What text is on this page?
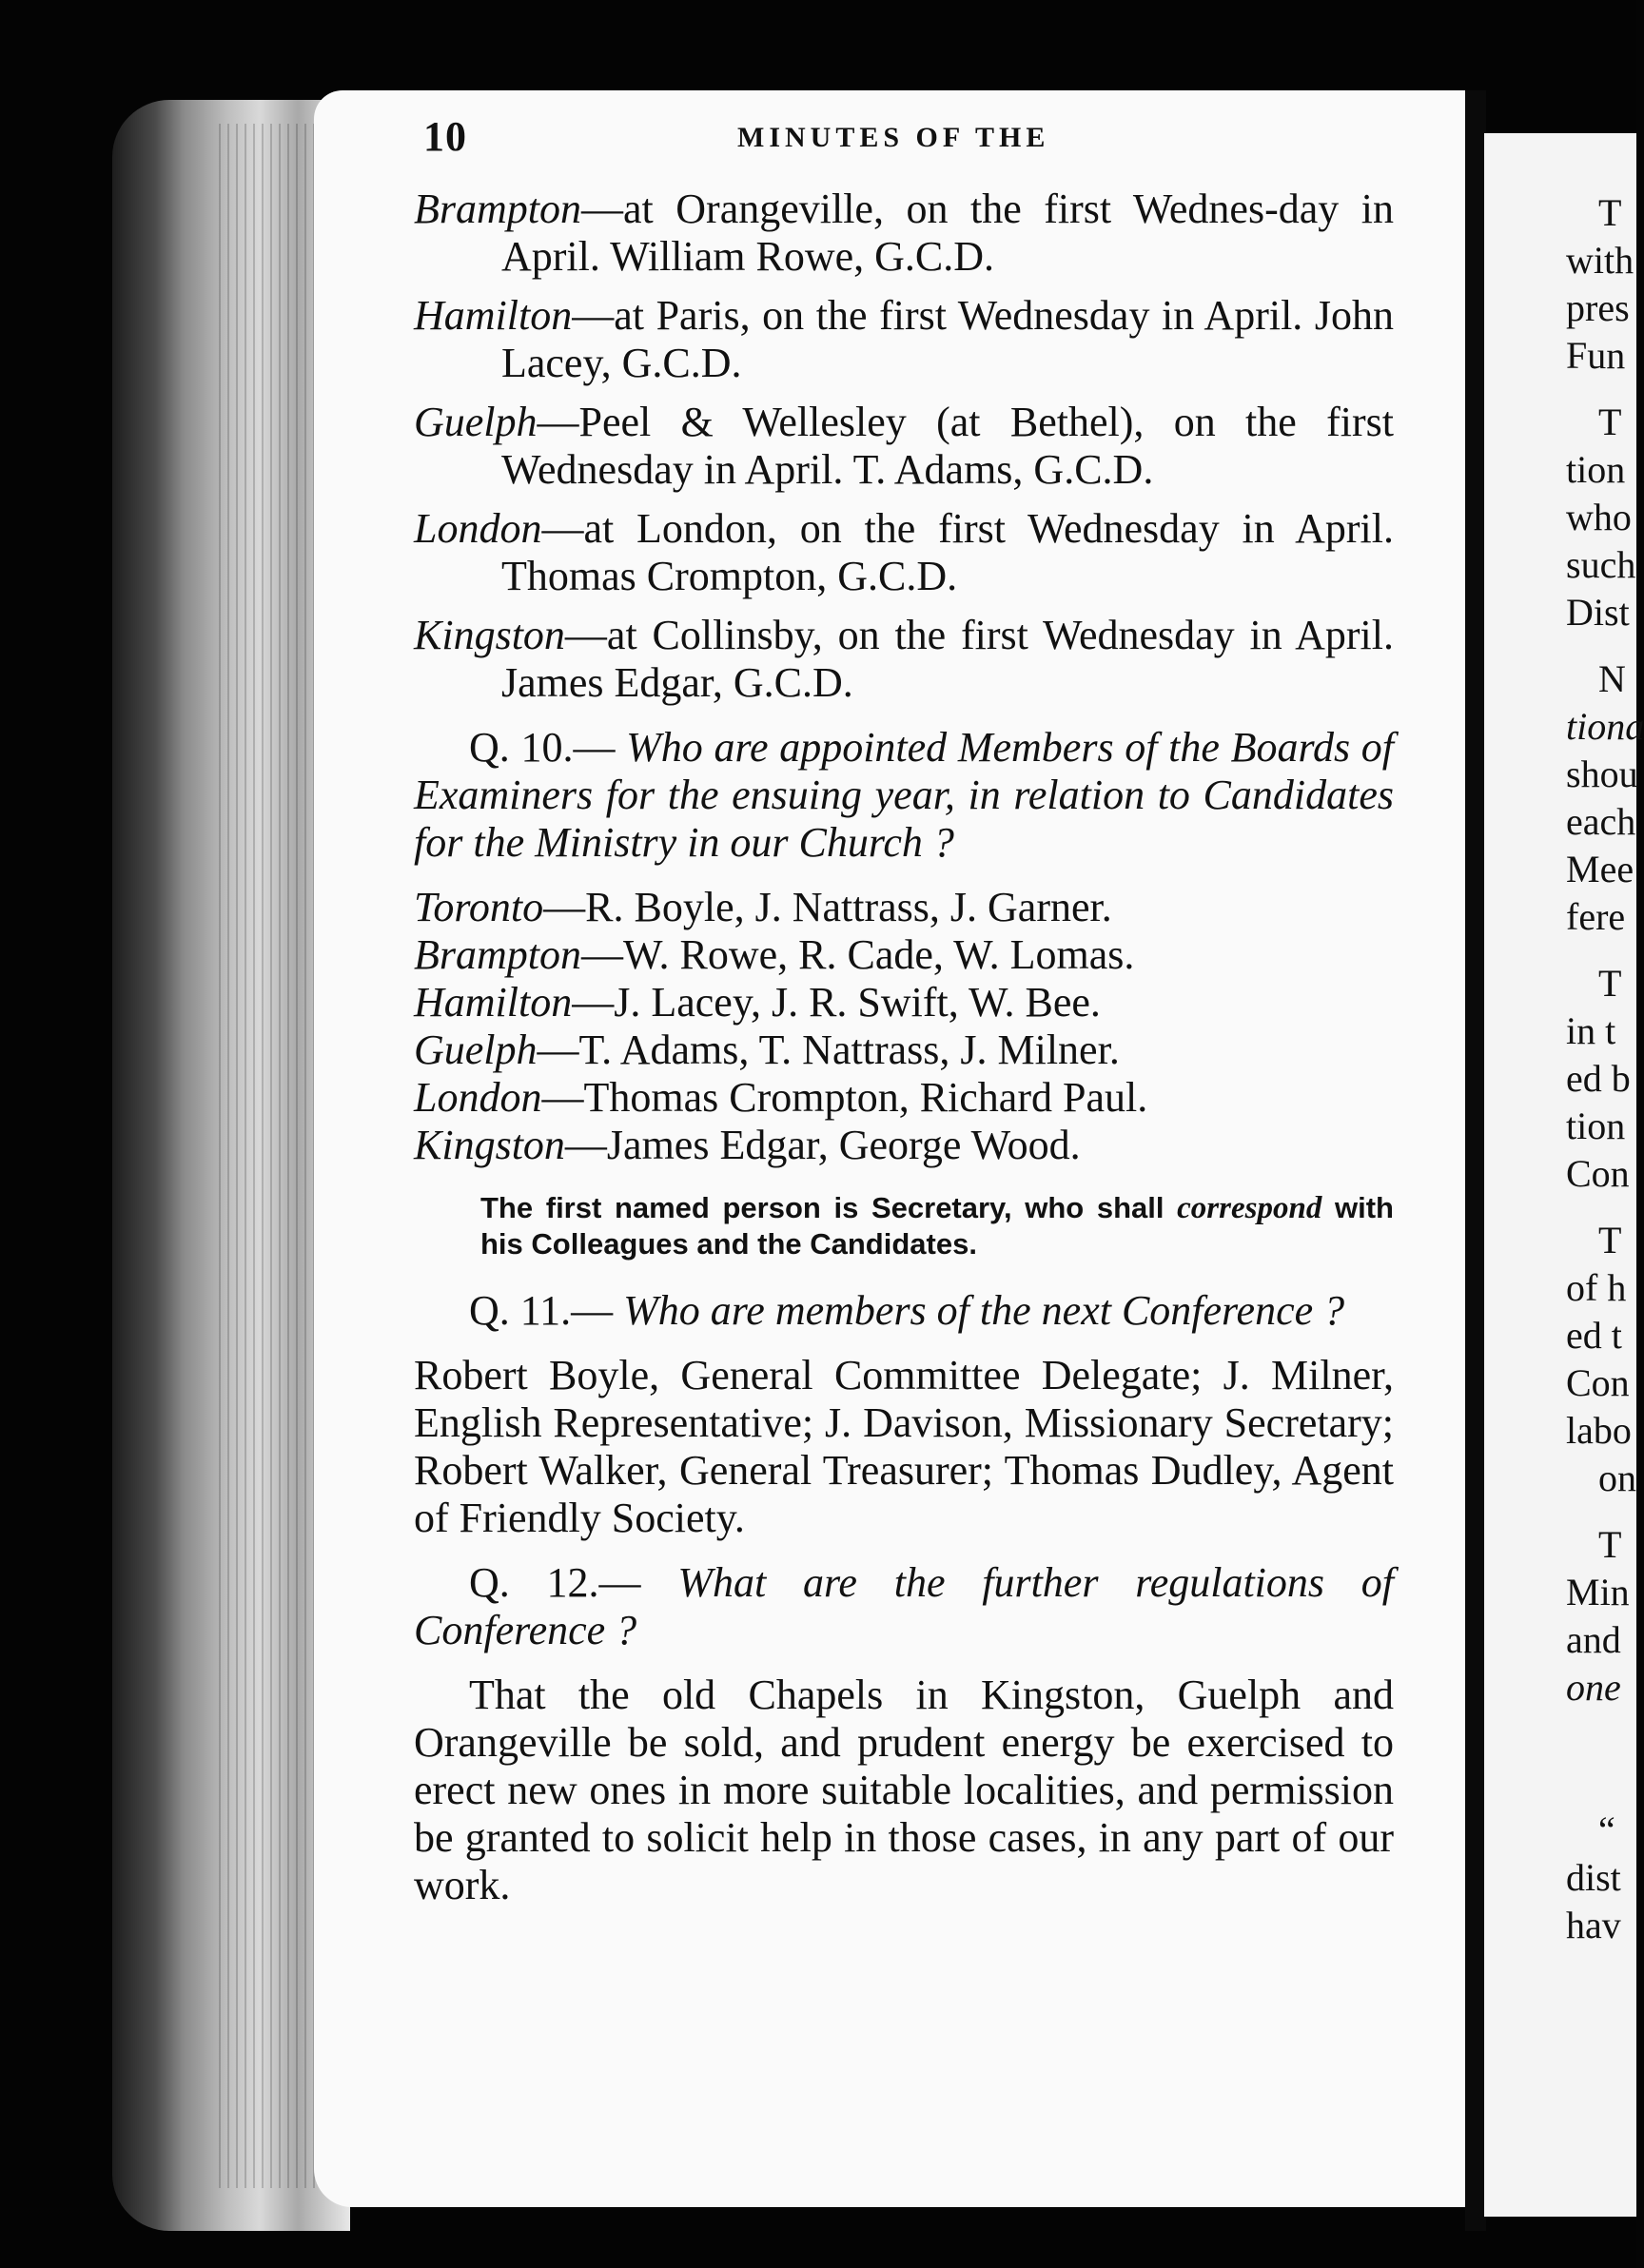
T
with
pres
Fun
T
tion
who
such
Dist
N
tiona
shou
each
Mee
fere
T
in t
ed b
tion
Con
T
of h
ed t
Con
labo
on
T
Min
and
one
“
dist
hav
10	MINUTES OF THE

Brampton—at Orangeville, on the first Wednes-day in April. William Rowe, G.C.D.

Hamilton—at Paris, on the first Wednesday in April. John Lacey, G.C.D.

Guelph—Peel & Wellesley (at Bethel), on the first Wednesday in April. T. Adams, G.C.D.

London—at London, on the first Wednesday in April. Thomas Crompton, G.C.D.

Kingston—at Collinsby, on the first Wednesday in April. James Edgar, G.C.D.

Q. 10.— Who are appointed Members of the Boards of Examiners for the ensuing year, in relation to Candidates for the Ministry in our Church ?

Toronto—R. Boyle, J. Nattrass, J. Garner.

Brampton—W. Rowe, R. Cade, W. Lomas.

Hamilton—J. Lacey, J. R. Swift, W. Bee.

Guelph—T. Adams, T. Nattrass, J. Milner.

London—Thomas Crompton, Richard Paul.

Kingston—James Edgar, George Wood.

The first named person is Secretary, who shall correspond with his Colleagues and the Candidates.

Q. 11.— Who are members of the next Conference ?

Robert Boyle, General Committee Delegate; J. Milner, English Representative; J. Davison, Missionary Secretary; Robert Walker, General Treasurer; Thomas Dudley, Agent of Friendly Society.

Q. 12.— What are the further regulations of Conference ?

That the old Chapels in Kingston, Guelph and Orangeville be sold, and prudent energy be exercised to erect new ones in more suitable localities, and permission be granted to solicit help in those cases, in any part of our work.
